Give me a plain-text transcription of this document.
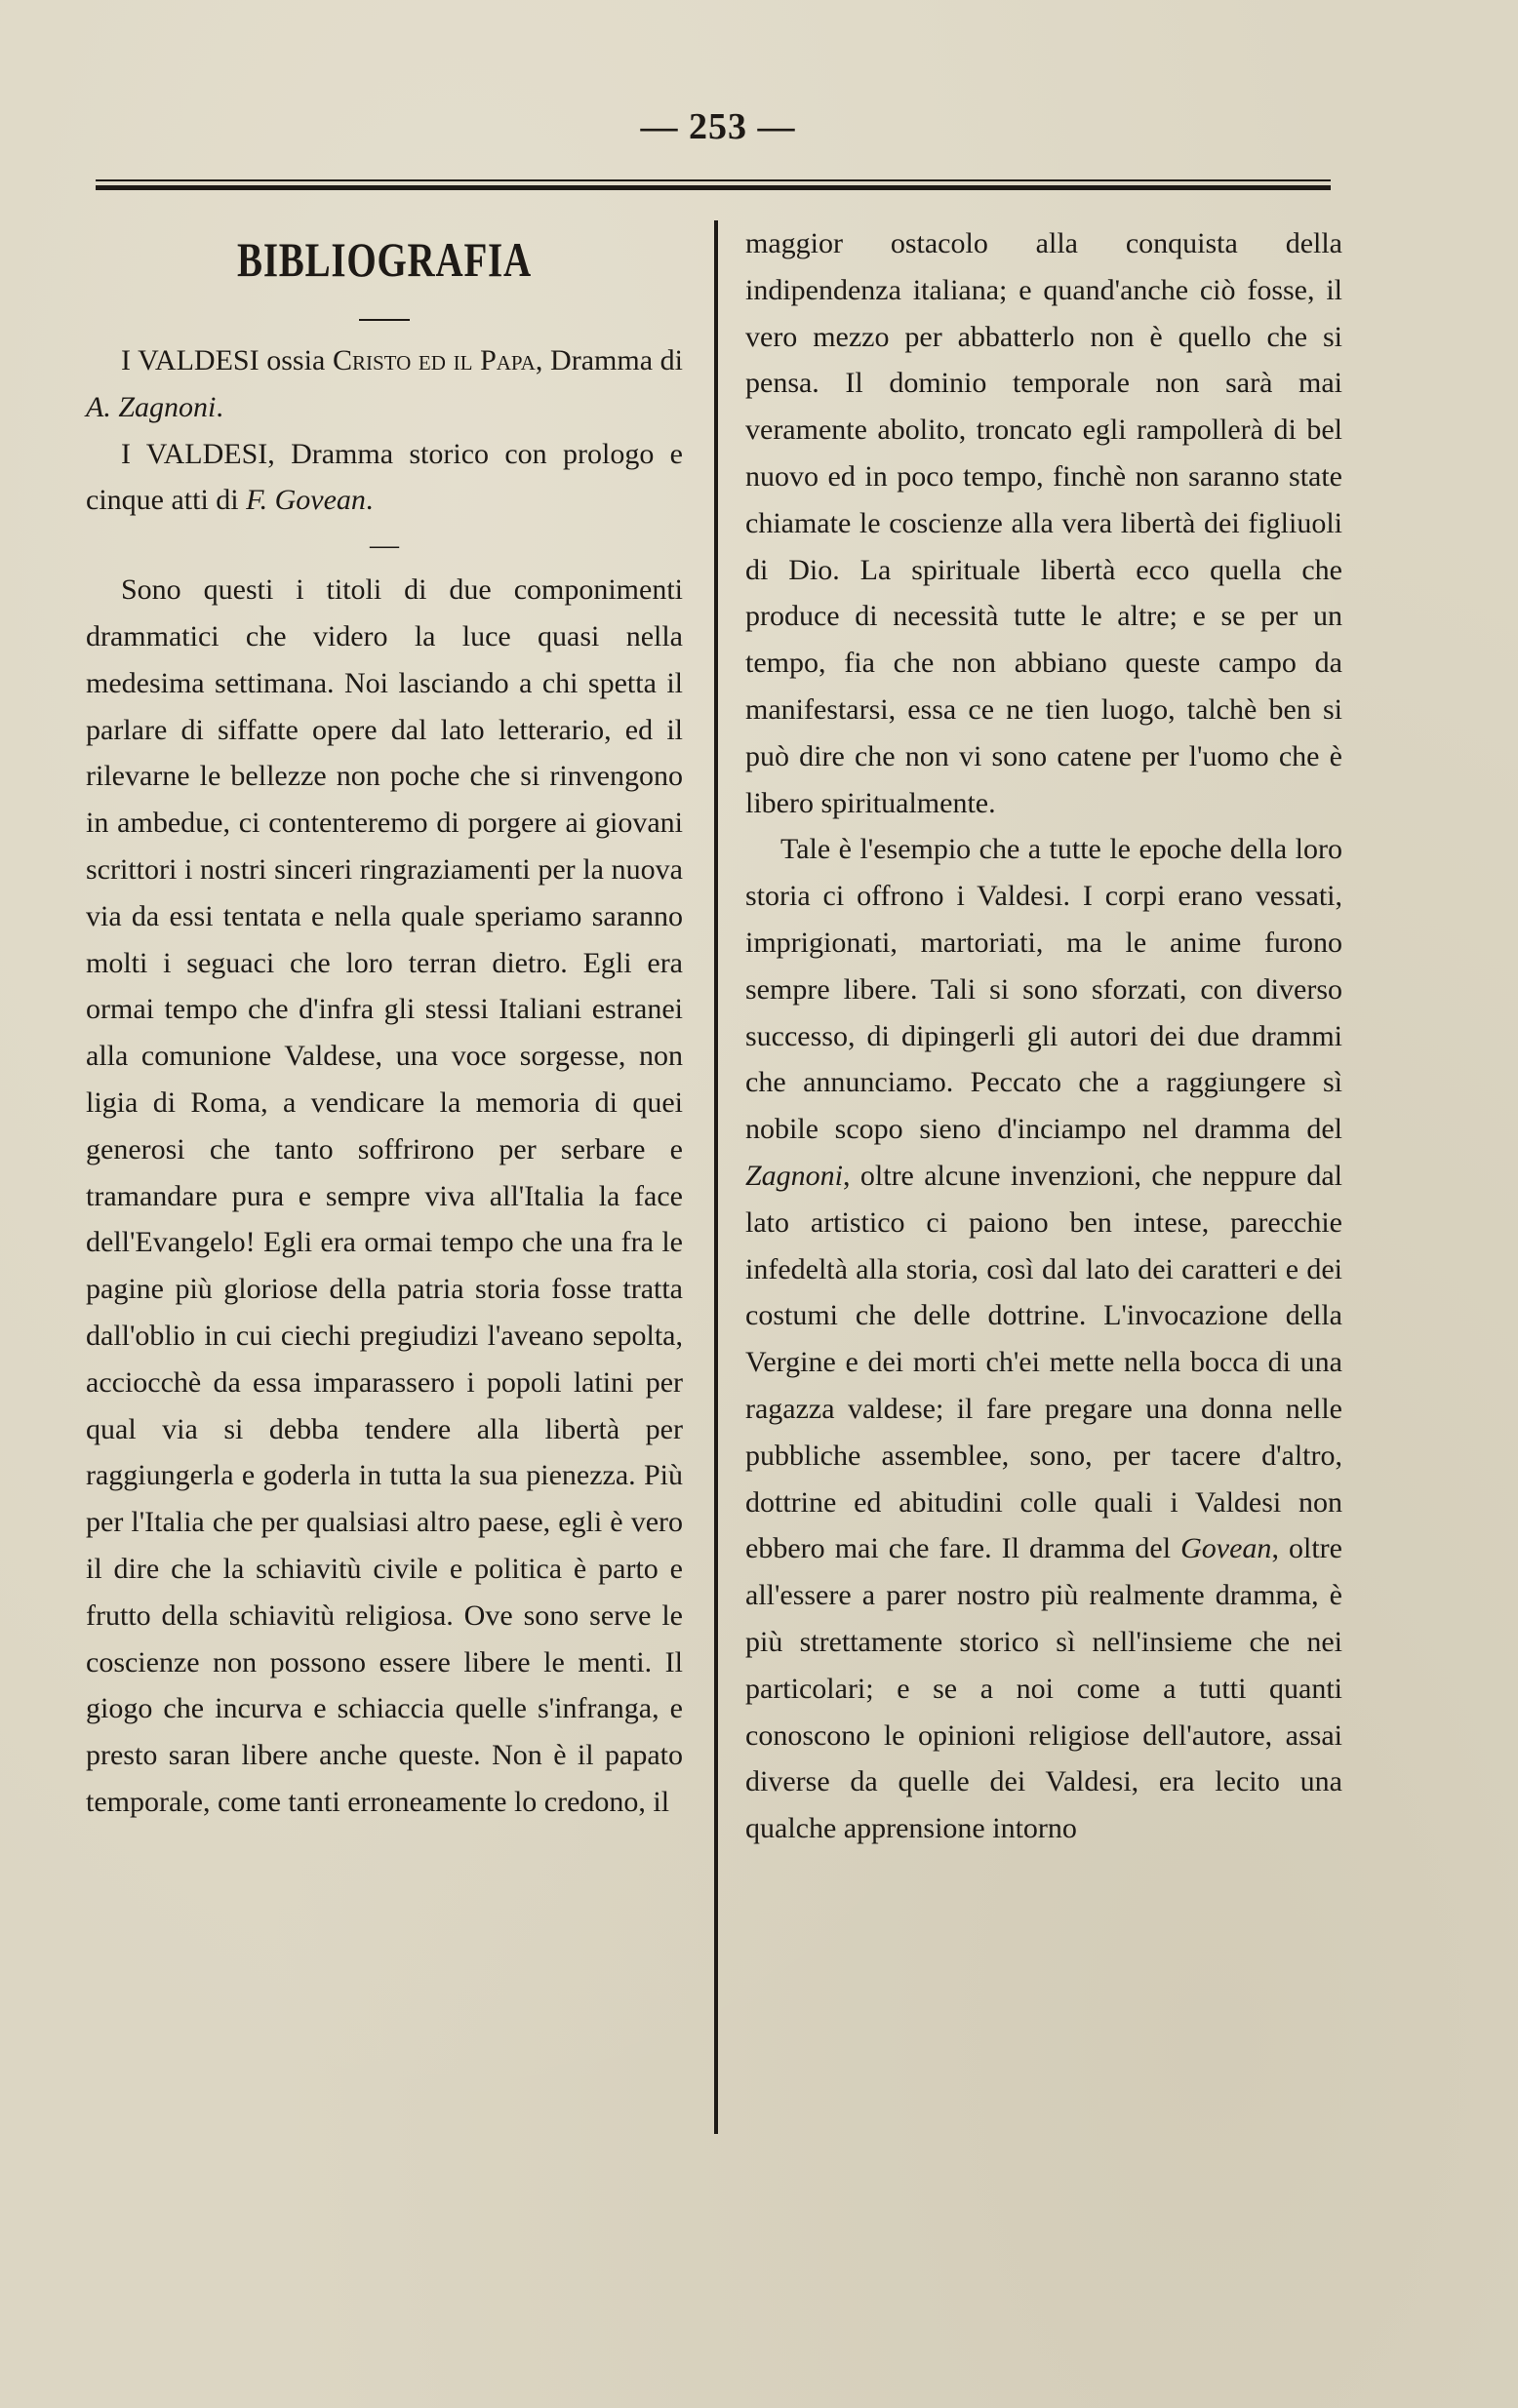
— 253 —
BIBLIOGRAFIA

I VALDESI ossia Cristo ed il Papa, Dramma di A. Zagnoni.

I VALDESI, Dramma storico con prologo e cinque atti di F. Govean.

—

Sono questi i titoli di due componimenti drammatici che videro la luce quasi nella medesima settimana. Noi lasciando a chi spetta il parlare di siffatte opere dal lato letterario, ed il rilevarne le bellezze non poche che si rinvengono in ambedue, ci contenteremo di porgere ai giovani scrittori i nostri sinceri ringraziamenti per la nuova via da essi tentata e nella quale speriamo saranno molti i seguaci che loro terran dietro. Egli era ormai tempo che d'infra gli stessi Italiani estranei alla comunione Valdese, una voce sorgesse, non ligia di Roma, a vendicare la memoria di quei generosi che tanto soffrirono per serbare e tramandare pura e sempre viva all'Italia la face dell'Evangelo! Egli era ormai tempo che una fra le pagine più gloriose della patria storia fosse tratta dall'oblio in cui ciechi pregiudizi l'aveano sepolta, acciocchè da essa imparassero i popoli latini per qual via si debba tendere alla libertà per raggiungerla e goderla in tutta la sua pienezza. Più per l'Italia che per qualsiasi altro paese, egli è vero il dire che la schiavitù civile e politica è parto e frutto della schiavitù religiosa. Ove sono serve le coscienze non possono essere libere le menti. Il giogo che incurva e schiaccia quelle s'infranga, e presto saran libere anche queste. Non è il papato temporale, come tanti erroneamente lo credono, il

maggior ostacolo alla conquista della indipendenza italiana; e quand'anche ciò fosse, il vero mezzo per abbatterlo non è quello che si pensa. Il dominio temporale non sarà mai veramente abolito, troncato egli rampollerà di bel nuovo ed in poco tempo, finchè non saranno state chiamate le coscienze alla vera libertà dei figliuoli di Dio. La spirituale libertà ecco quella che produce di necessità tutte le altre; e se per un tempo, fia che non abbiano queste campo da manifestarsi, essa ce ne tien luogo, talchè ben si può dire che non vi sono catene per l'uomo che è libero spiritualmente.

Tale è l'esempio che a tutte le epoche della loro storia ci offrono i Valdesi. I corpi erano vessati, imprigionati, martoriati, ma le anime furono sempre libere. Tali si sono sforzati, con diverso successo, di dipingerli gli autori dei due drammi che annunciamo. Peccato che a raggiungere sì nobile scopo sieno d'inciampo nel dramma del Zagnoni, oltre alcune invenzioni, che neppure dal lato artistico ci paiono ben intese, parecchie infedeltà alla storia, così dal lato dei caratteri e dei costumi che delle dottrine. L'invocazione della Vergine e dei morti ch'ei mette nella bocca di una ragazza valdese; il fare pregare una donna nelle pubbliche assemblee, sono, per tacere d'altro, dottrine ed abitudini colle quali i Valdesi non ebbero mai che fare. Il dramma del Govean, oltre all'essere a parer nostro più realmente dramma, è più strettamente storico sì nell'insieme che nei particolari; e se a noi come a tutti quanti conoscono le opinioni religiose dell'autore, assai diverse da quelle dei Valdesi, era lecito una qualche apprensione intorno
